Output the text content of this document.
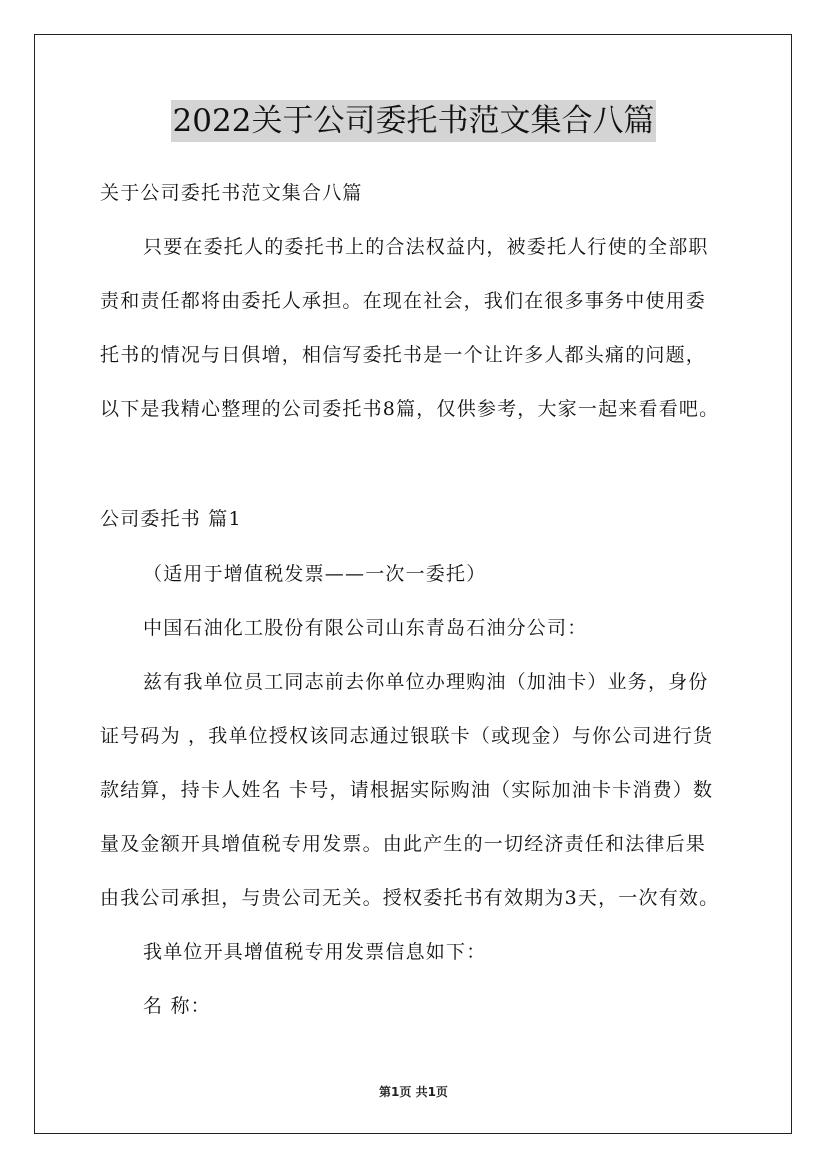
2022关于公司委托书范文集合八篇
关于公司委托书范文集合八篇
只要在委托人的委托书上的合法权益内，被委托人行使的全部职
责和责任都将由委托人承担。在现在社会，我们在很多事务中使用委
托书的情况与日俱增，相信写委托书是一个让许多人都头痛的问题，
以下是我精心整理的公司委托书8篇，仅供参考，大家一起来看看吧。
公司委托书 篇1
（适用于增值税发票——一次一委托）
中国石油化工股份有限公司山东青岛石油分公司：
兹有我单位员工同志前去你单位办理购油（加油卡）业务，身份
证号码为 ，我单位授权该同志通过银联卡（或现金）与你公司进行货
款结算，持卡人姓名 卡号，请根据实际购油（实际加油卡卡消费）数
量及金额开具增值税专用发票。由此产生的一切经济责任和法律后果
由我公司承担，与贵公司无关。授权委托书有效期为3天，一次有效。
我单位开具增值税专用发票信息如下：
名 称：
第1页 共1页
